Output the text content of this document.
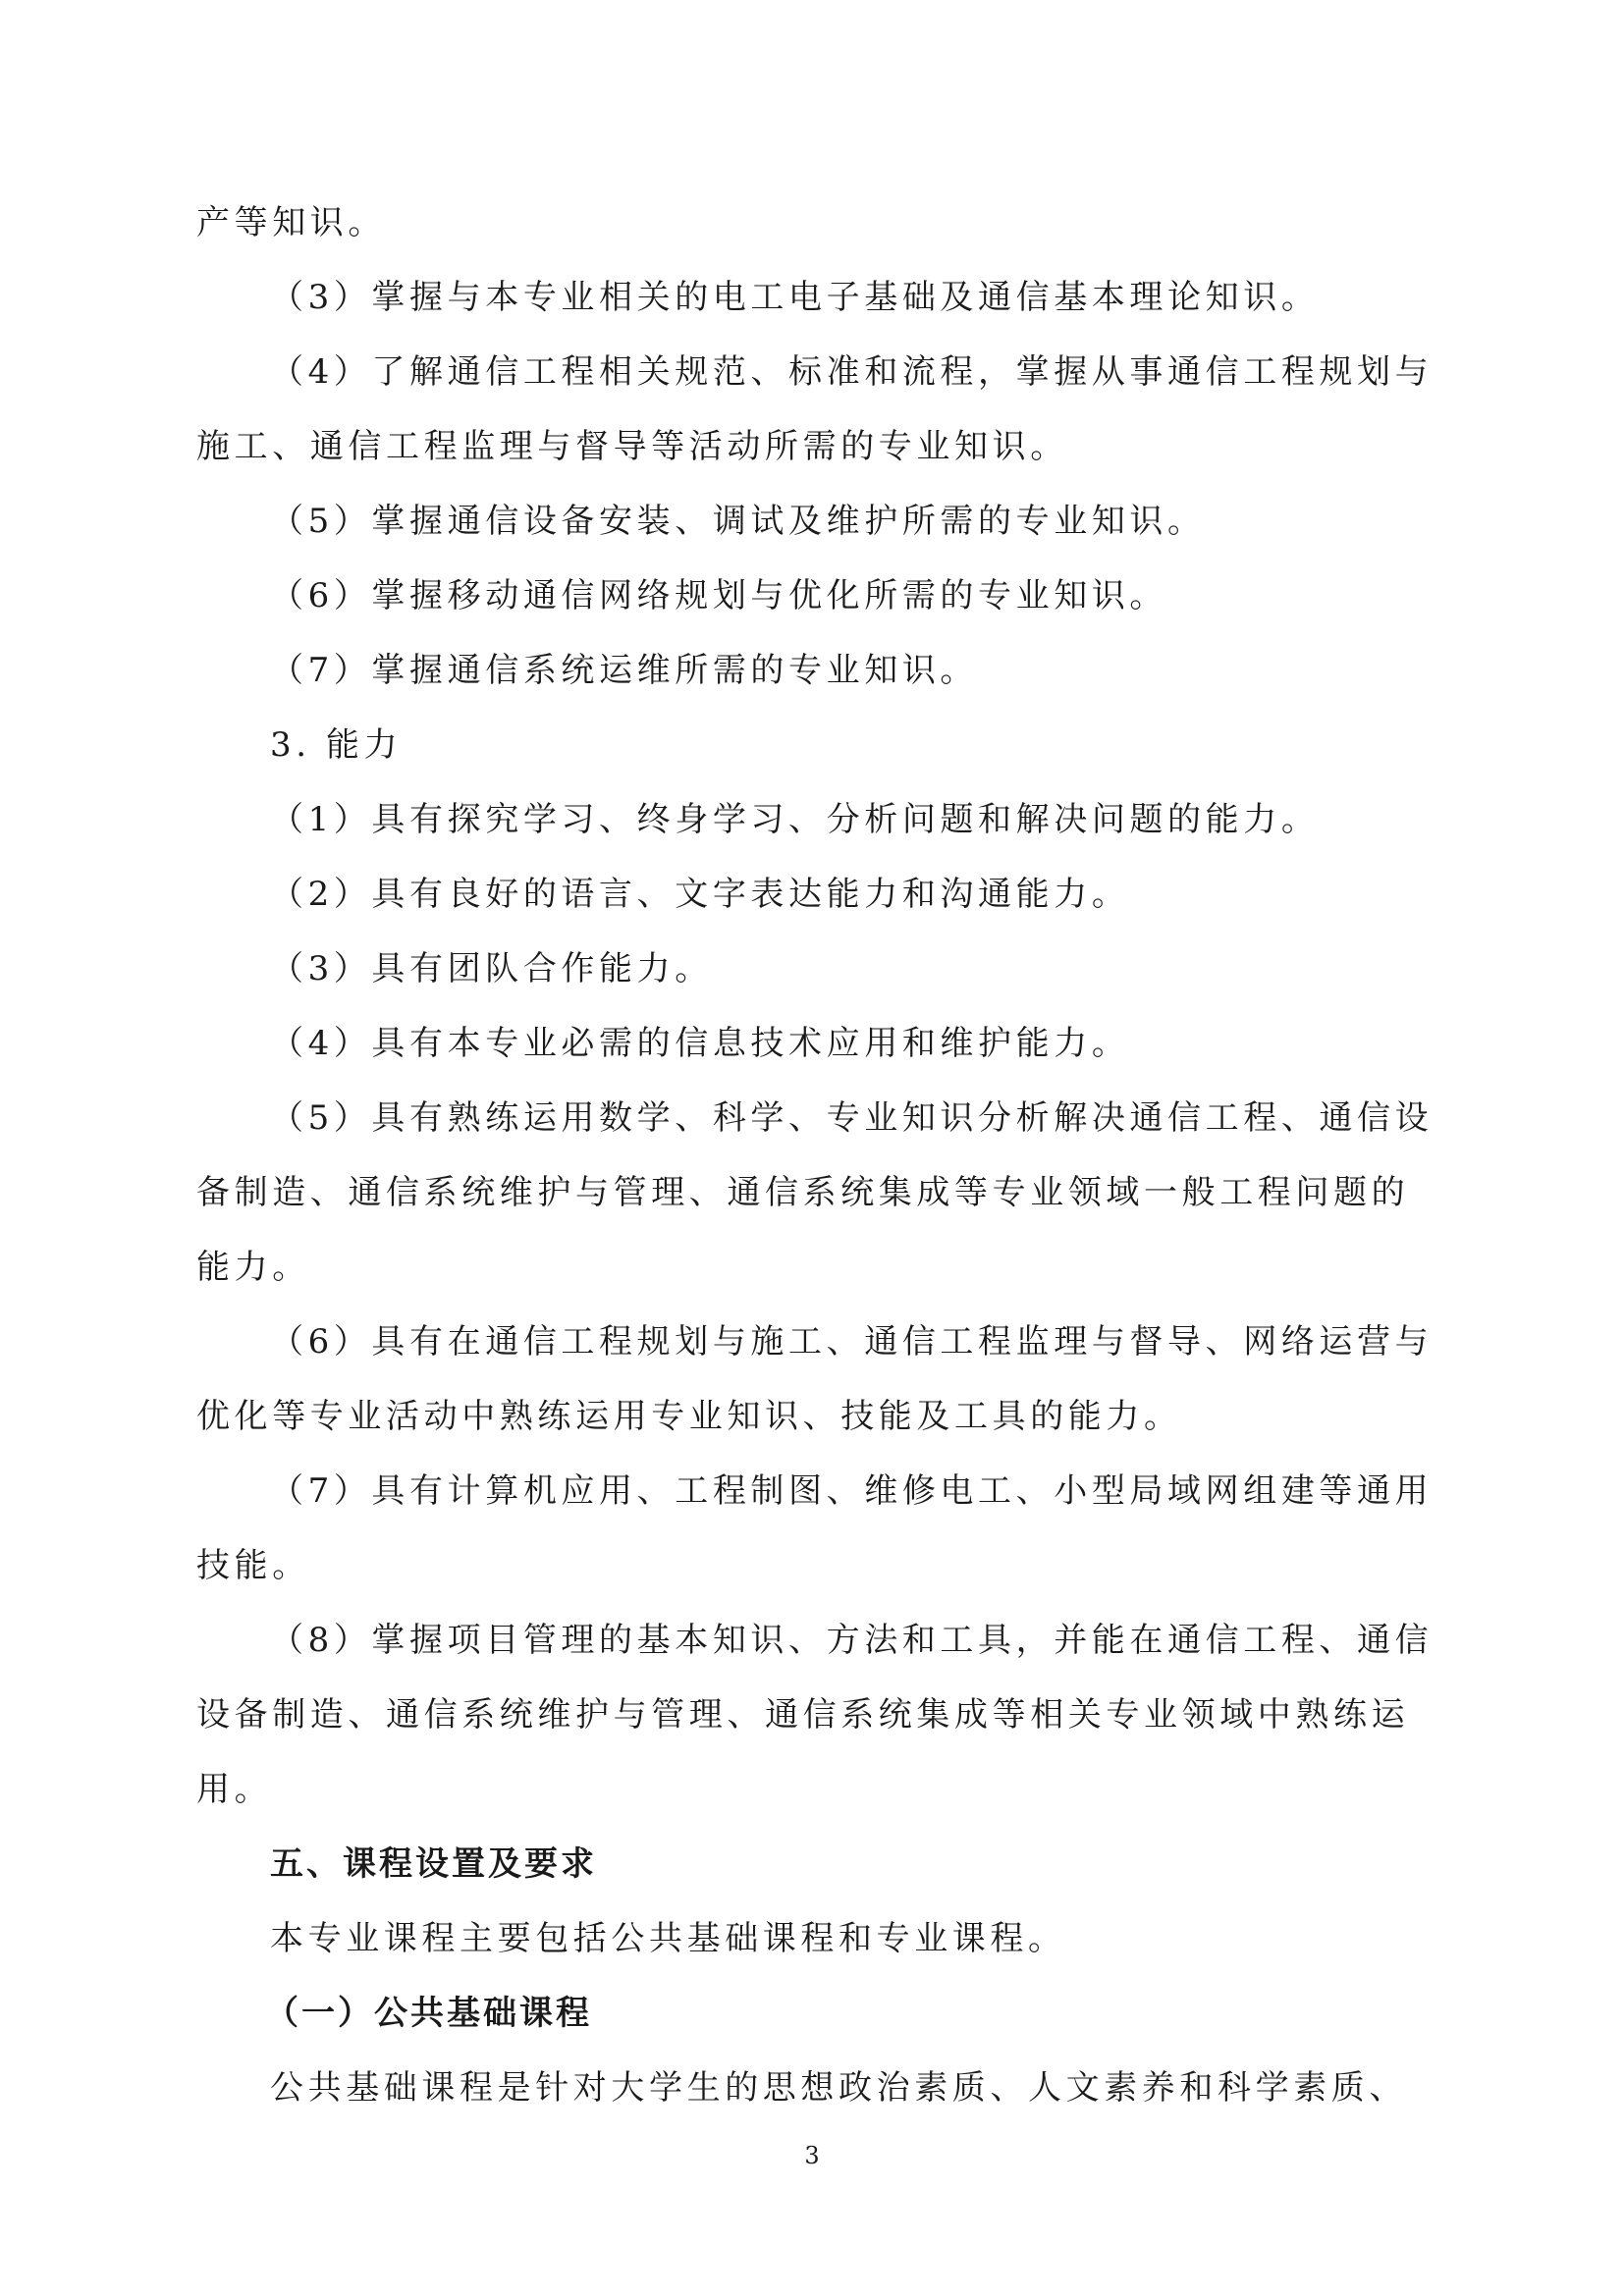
产等知识。
（3）掌握与本专业相关的电工电子基础及通信基本理论知识。
（4）了解通信工程相关规范、标准和流程，掌握从事通信工程规划与
施工、通信工程监理与督导等活动所需的专业知识。
（5）掌握通信设备安装、调试及维护所需的专业知识。
（6）掌握移动通信网络规划与优化所需的专业知识。
（7）掌握通信系统运维所需的专业知识。
3. 能力
（1）具有探究学习、终身学习、分析问题和解决问题的能力。
（2）具有良好的语言、文字表达能力和沟通能力。
（3）具有团队合作能力。
（4）具有本专业必需的信息技术应用和维护能力。
（5）具有熟练运用数学、科学、专业知识分析解决通信工程、通信设
备制造、通信系统维护与管理、通信系统集成等专业领域一般工程问题的
能力。
（6）具有在通信工程规划与施工、通信工程监理与督导、网络运营与
优化等专业活动中熟练运用专业知识、技能及工具的能力。
（7）具有计算机应用、工程制图、维修电工、小型局域网组建等通用
技能。
（8）掌握项目管理的基本知识、方法和工具，并能在通信工程、通信
设备制造、通信系统维护与管理、通信系统集成等相关专业领域中熟练运
用。
五、课程设置及要求
本专业课程主要包括公共基础课程和专业课程。
（一）公共基础课程
公共基础课程是针对大学生的思想政治素质、人文素养和科学素质、
3
